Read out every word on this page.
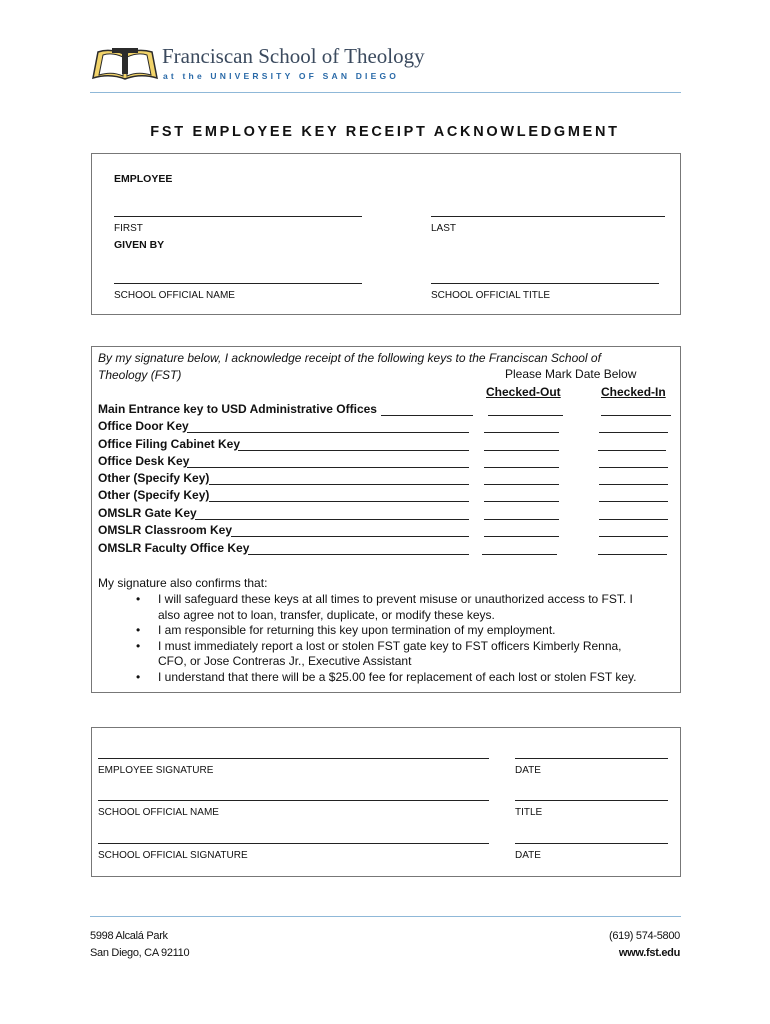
Franciscan School of Theology
at the UNIVERSITY OF SAN DIEGO
FST EMPLOYEE KEY RECEIPT ACKNOWLEDGMENT
EMPLOYEE
FIRST	LAST
GIVEN BY
SCHOOL OFFICIAL NAME	SCHOOL OFFICIAL TITLE
By my signature below, I acknowledge receipt of the following keys to the Franciscan School of
Theology (FST)	Please Mark Date Below
Checked-Out	Checked-In
Main Entrance key to USD Administrative Offices
Office Door Key
Office Filing Cabinet Key
Office Desk Key
Other (Specify Key)
Other (Specify Key)
OMSLR Gate Key
OMSLR Classroom Key
OMSLR Faculty Office Key
My signature also confirms that:
• I will safeguard these keys at all times to prevent misuse or unauthorized access to FST. I
also agree not to loan, transfer, duplicate, or modify these keys.
• I am responsible for returning this key upon termination of my employment.
• I must immediately report a lost or stolen FST gate key to FST officers Kimberly Renna,
CFO, or Jose Contreras Jr., Executive Assistant
• I understand that there will be a $25.00 fee for replacement of each lost or stolen FST key.
EMPLOYEE SIGNATURE	DATE
SCHOOL OFFICIAL NAME	TITLE
SCHOOL OFFICIAL SIGNATURE	DATE
5998 Alcalá Park
San Diego, CA 92110
(619) 574-5800
www.fst.edu
